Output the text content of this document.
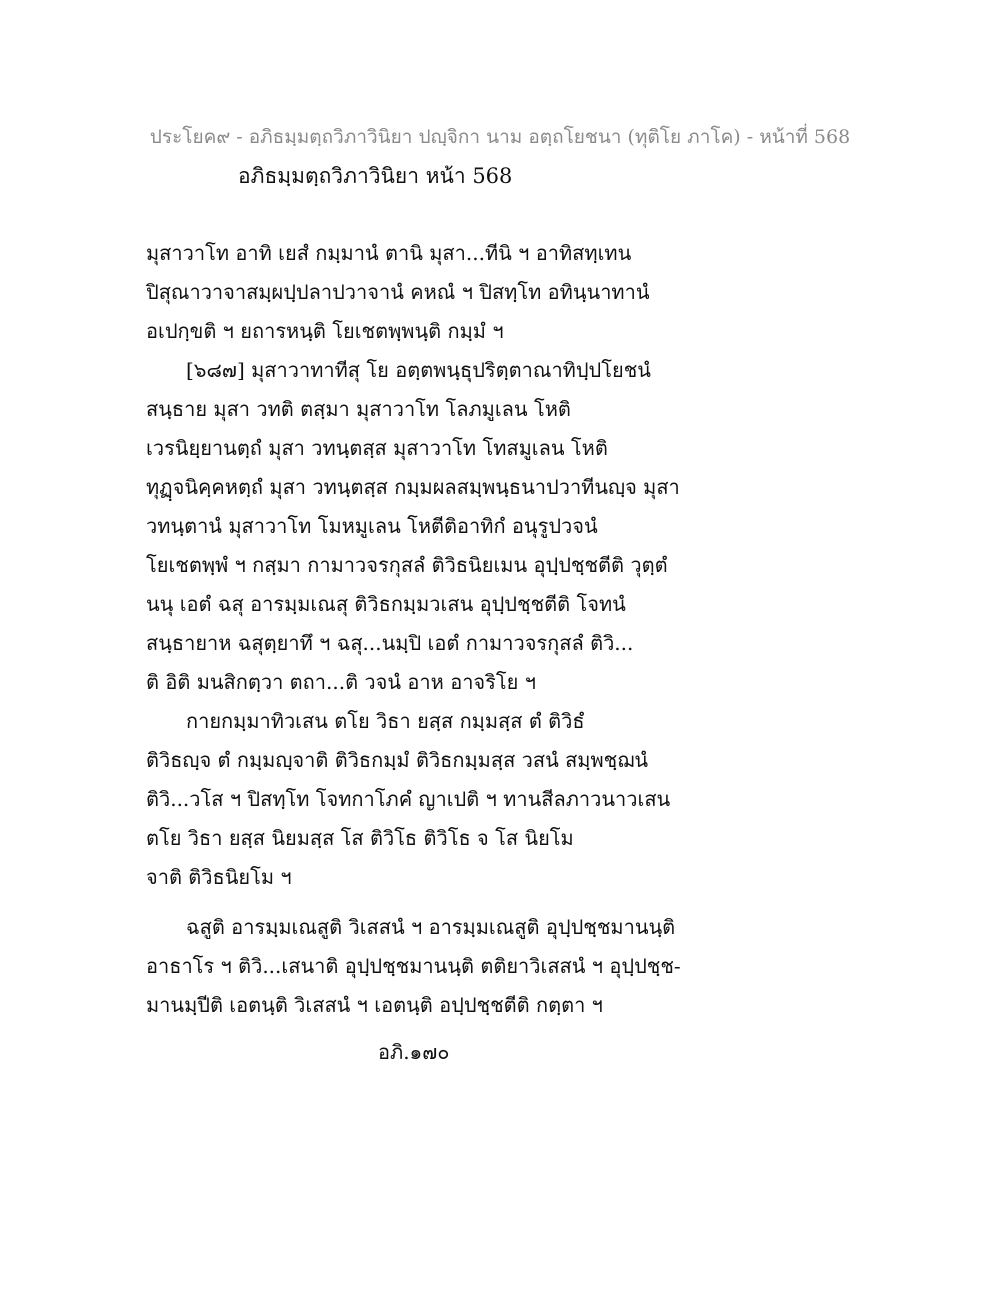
ประโยค๙ - อภิธมฺมตฺถวิภาวินิยา ปญฺจิกา นาม อตฺถโยชนา (ทุติโย ภาโค) - หน้าที่ 568
อภิธมฺมตฺถวิภาวินิยา หน้า 568
มุสาวาโท อาทิ เยสํ กมฺมานํ ตานิ มุสา...ทีนิ ฯ อาทิสทฺเทน
ปิสุณาวาจาสมฺผปฺปลาปวาจานํ คหณํ ฯ ปิสทฺโท อทินฺนาทานํ
อเปกฺขติ ฯ ยถารหนฺติ โยเชตพฺพนฺติ กมฺมํ ฯ
[๖๘๗] มุสาวาทาทีสุ โย อตฺตพนฺธุปริตฺตาณาทิปฺปโยชนํ
สนฺธาย มุสา วทติ ตสฺมา มุสาวาโท โลภมูเลน โหติ
เวรนิยฺยานตฺถํ มุสา วทนฺตสฺส มุสาวาโท โทสมูเลน โหติ
ทุฏฺจนิคฺคหตฺถํ มุสา วทนฺตสฺส กมฺมผลสมฺพนฺธนาปวาทีนญฺจ มุสา
วทนฺตานํ มุสาวาโท โมหมูเลน โหตีติอาทิกํ อนุรูปวจนํ
โยเชตพฺพํ ฯ กสฺมา กามาวจรกุสลํ ติวิธนิยเมน อุปฺปชฺชตีติ วุตฺตํ
นนุ เอตํ ฉสุ อารมฺมเณสุ ติวิธกมฺมวเสน อุปฺปชฺชตีติ โจทนํ
สนฺธายาห ฉสุตฺยาทึ ฯ ฉสุ...นมฺปิ เอตํ กามาวจรกุสลํ ติวิ...
ติ อิติ มนสิกตฺวา ตถา...ติ วจนํ อาห อาจริโย ฯ
กายกมฺมาทิวเสน ตโย วิธา ยสฺส กมฺมสฺส ตํ ติวิธํ
ติวิธญฺจ ตํ กมฺมญฺจาติ ติวิธกมฺมํ ติวิธกมฺมสฺส วสนํ สมฺพชฺฌนํ
ติวิ...วโส ฯ ปิสทฺโท โจทกาโภคํ ญาเปติ ฯ ทานสีลภาวนาวเสน
ตโย วิธา ยสฺส นิยมสฺส โส ติวิโธ ติวิโธ จ โส นิยโม
จาติ ติวิธนิยโม ฯ
ฉสูติ อารมฺมเณสูติ วิเสสนํ ฯ อารมฺมเณสูติ อุปฺปชฺชมานนฺติ
อาธาโร ฯ ติวิ...เสนาติ อุปฺปชฺชมานนฺติ ตติยาวิเสสนํ ฯ อุปฺปชฺช-
มานมฺปีติ เอตนฺติ วิเสสนํ ฯ เอตนฺติ อปฺปชฺชตีติ กตฺตา ฯ
อภิ.๑๗๐
